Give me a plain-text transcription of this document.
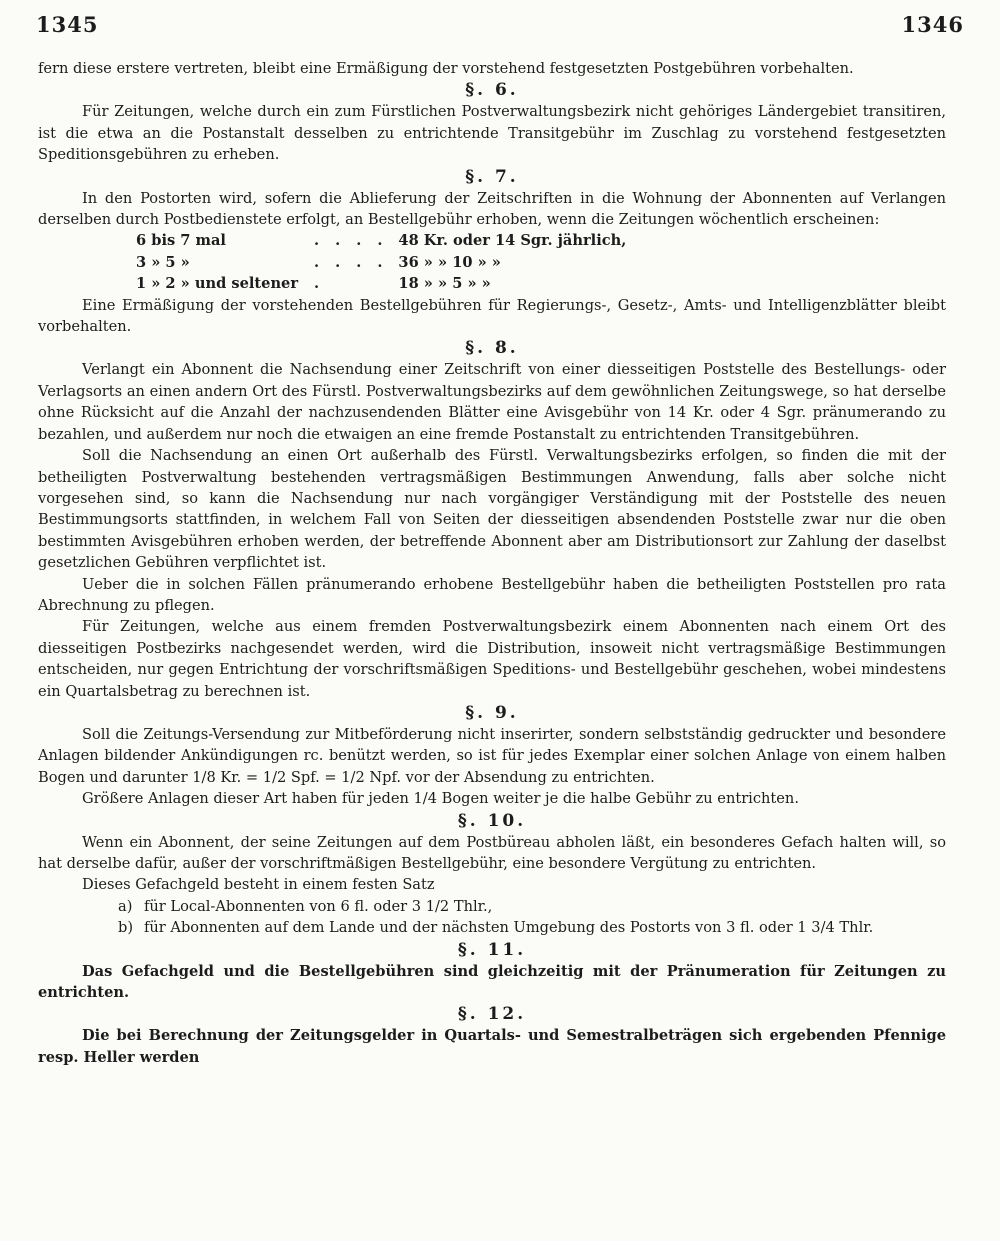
1345	1346

fern diese erstere vertreten, bleibt eine Ermäßigung der vorstehend festgesetzten Postgebühren vorbehalten.

§. 6.

Für Zeitungen, welche durch ein zum Fürstlichen Postverwaltungsbezirk nicht gehöriges Ländergebiet transitiren, ist die etwa an die Postanstalt desselben zu entrichtende Transitgebühr im Zuschlag zu vorstehend festgesetzten Speditionsgebühren zu erheben.

§. 7.

In den Postorten wird, sofern die Ablieferung der Zeitschriften in die Wohnung der Abonnenten auf Verlangen derselben durch Postbedienstete erfolgt, an Bestellgebühr erhoben, wenn die Zeitungen wöchentlich erscheinen:

6 bis 7 mal	.	.	.	.	48 Kr. oder 14 Sgr. jährlich,
3 » 5 »	.	.	.	.	36 » » 10 » »
1 » 2 » und seltener	.				18 » » 5 » »

Eine Ermäßigung der vorstehenden Bestellgebühren für Regierungs-, Gesetz-, Amts- und Intelligenzblätter bleibt vorbehalten.

§. 8.

Verlangt ein Abonnent die Nachsendung einer Zeitschrift von einer diesseitigen Poststelle des Bestellungs- oder Verlagsorts an einen andern Ort des Fürstl. Postverwaltungsbezirks auf dem gewöhnlichen Zeitungswege, so hat derselbe ohne Rücksicht auf die Anzahl der nachzusendenden Blätter eine Avisgebühr von 14 Kr. oder 4 Sgr. pränumerando zu bezahlen, und außerdem nur noch die etwaigen an eine fremde Postanstalt zu entrichtenden Transitgebühren.

Soll die Nachsendung an einen Ort außerhalb des Fürstl. Verwaltungsbezirks erfolgen, so finden die mit der betheiligten Postverwaltung bestehenden vertragsmäßigen Bestimmungen Anwendung, falls aber solche nicht vorgesehen sind, so kann die Nachsendung nur nach vorgängiger Verständigung mit der Poststelle des neuen Bestimmungsorts stattfinden, in welchem Fall von Seiten der diesseitigen absendenden Poststelle zwar nur die oben bestimmten Avisgebühren erhoben werden, der betreffende Abonnent aber am Distributionsort zur Zahlung der daselbst gesetzlichen Gebühren verpflichtet ist.

Ueber die in solchen Fällen pränumerando erhobene Bestellgebühr haben die betheiligten Poststellen pro rata Abrechnung zu pflegen.

Für Zeitungen, welche aus einem fremden Postverwaltungsbezirk einem Abonnenten nach einem Ort des diesseitigen Postbezirks nachgesendet werden, wird die Distribution, insoweit nicht vertragsmäßige Bestimmungen entscheiden, nur gegen Entrichtung der vorschriftsmäßigen Speditions- und Bestellgebühr geschehen, wobei mindestens ein Quartalsbetrag zu berechnen ist.

§. 9.

Soll die Zeitungs-Versendung zur Mitbeförderung nicht inserirter, sondern selbstständig gedruckter und besondere Anlagen bildender Ankündigungen rc. benützt werden, so ist für jedes Exemplar einer solchen Anlage von einem halben Bogen und darunter 1/8 Kr. = 1/2 Spf. = 1/2 Npf. vor der Absendung zu entrichten.

Größere Anlagen dieser Art haben für jeden 1/4 Bogen weiter je die halbe Gebühr zu entrichten.

§. 10.

Wenn ein Abonnent, der seine Zeitungen auf dem Postbüreau abholen läßt, ein besonderes Gefach halten will, so hat derselbe dafür, außer der vorschriftmäßigen Bestellgebühr, eine besondere Vergütung zu entrichten.

Dieses Gefachgeld besteht in einem festen Satz

a) für Local-Abonnenten von 6 fl. oder 3 1/2 Thlr.,
b) für Abonnenten auf dem Lande und der nächsten Umgebung des Postorts von 3 fl. oder 1 3/4 Thlr.
§. 11.

Das Gefachgeld und die Bestellgebühren sind gleichzeitig mit der Pränumeration für Zeitungen zu entrichten.

§. 12.

Die bei Berechnung der Zeitungsgelder in Quartals- und Semestralbeträgen sich ergebenden Pfennige resp. Heller werden
